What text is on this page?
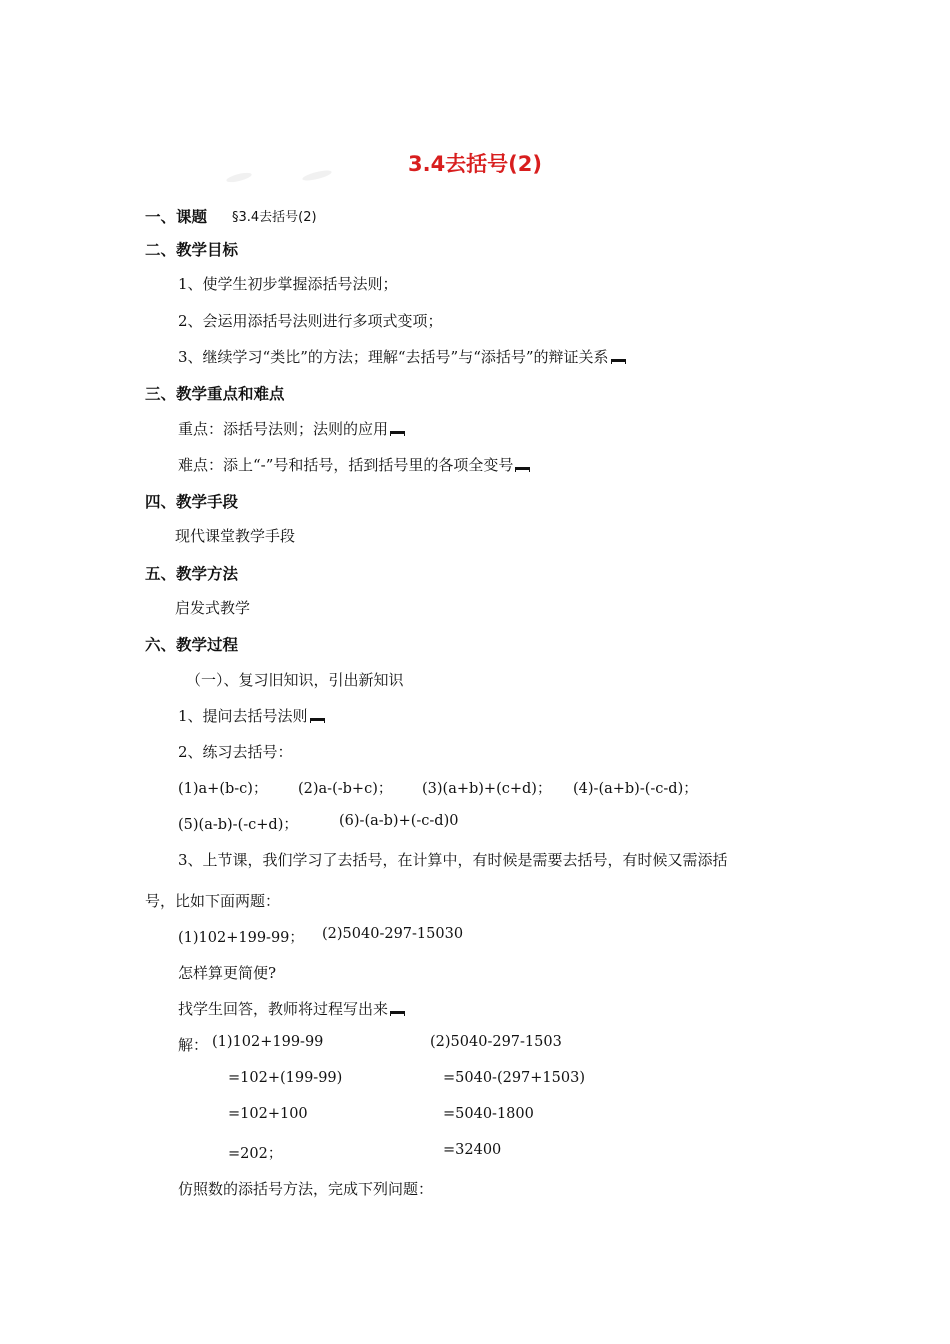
3.4去括号(2)
一、课题 §3.4去括号(2)
二、教学目标
1、使学生初步掌握添括号法则；
2、会运用添括号法则进行多项式变项；
3、继续学习“类比”的方法；理解“去括号”与“添括号”的辩证关系
三、教学重点和难点
重点：添括号法则；法则的应用
难点：添上“-”号和括号，括到括号里的各项全变号
四、教学手段
现代课堂教学手段
五、教学方法
启发式教学
六、教学过程
（一）、复习旧知识，引出新知识
1、提问去括号法则
2、练习去括号：
(1)a+(b-c)； (2)a-(-b+c)； (3)(a+b)+(c+d)； (4)-(a+b)-(-c-d)；
(5)(a-b)-(-c+d)；	(6)-(a-b)+(-c-d)0
3、上节课，我们学习了去括号，在计算中，有时候是需要去括号，有时候又需添括
号，比如下面两题：
(1)102+199-99； (2)5040-297-15030
怎样算更简便?
找学生回答，教师将过程写出来
解： (1)102+199-99
=102+(199-99)
=102+100
=202；
(2)5040-297-1503
=5040-(297+1503)
=5040-1800
=32400
仿照数的添括号方法，完成下列问题：
